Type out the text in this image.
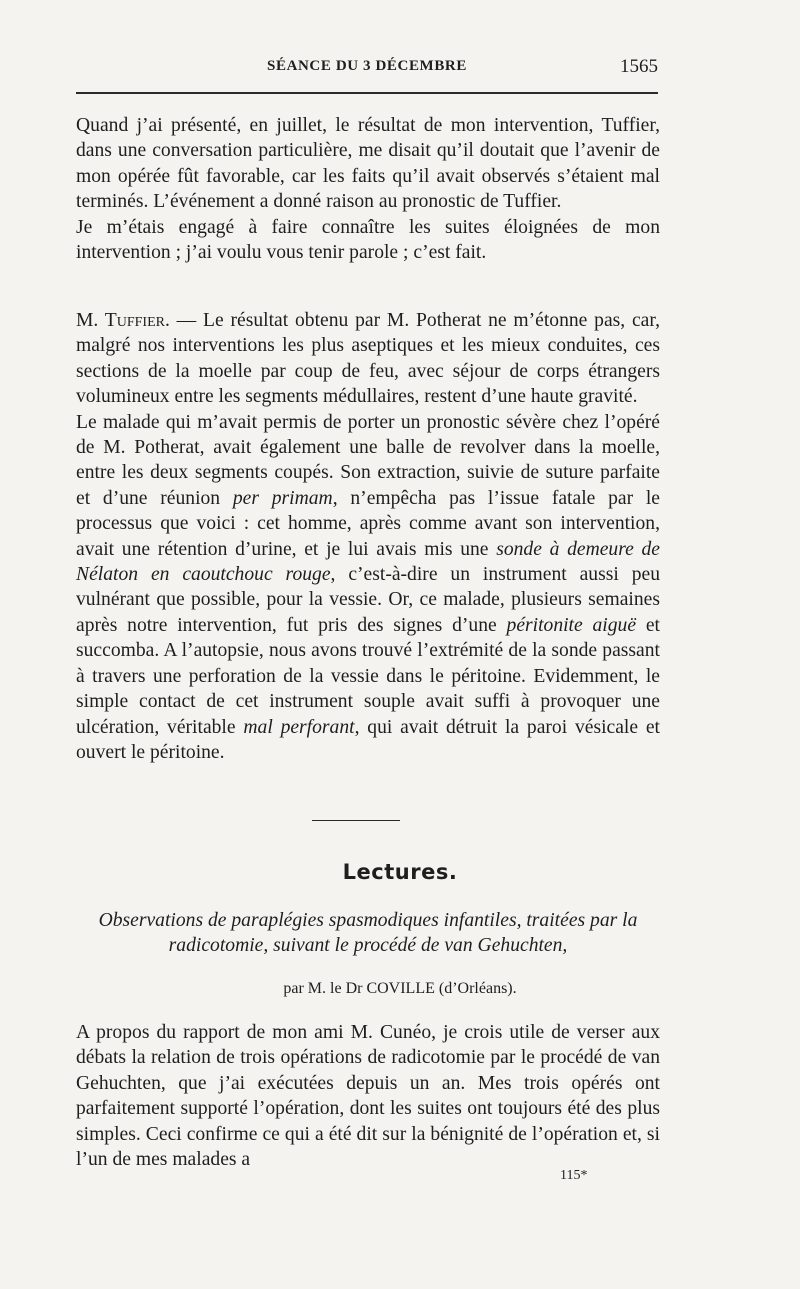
SÉANCE DU 3 DÉCEMBRE	1565

Quand j’ai présenté, en juillet, le résultat de mon intervention, Tuffier, dans une conversation particulière, me disait qu’il doutait que l’avenir de mon opérée fût favorable, car les faits qu’il avait observés s’étaient mal terminés. L’événement a donné raison au pronostic de Tuffier.

Je m’étais engagé à faire connaître les suites éloignées de mon intervention ; j’ai voulu vous tenir parole ; c’est fait.

M. Tuffier. — Le résultat obtenu par M. Potherat ne m’étonne pas, car, malgré nos interventions les plus aseptiques et les mieux conduites, ces sections de la moelle par coup de feu, avec séjour de corps étrangers volumineux entre les segments médullaires, restent d’une haute gravité.

Le malade qui m’avait permis de porter un pronostic sévère chez l’opéré de M. Potherat, avait également une balle de revolver dans la moelle, entre les deux segments coupés. Son extraction, suivie de suture parfaite et d’une réunion per primam, n’empêcha pas l’issue fatale par le processus que voici : cet homme, après comme avant son intervention, avait une rétention d’urine, et je lui avais mis une sonde à demeure de Nélaton en caoutchouc rouge, c’est-à-dire un instrument aussi peu vulnérant que possible, pour la vessie. Or, ce malade, plusieurs semaines après notre intervention, fut pris des signes d’une péritonite aiguë et succomba. A l’autopsie, nous avons trouvé l’extrémité de la sonde passant à travers une perforation de la vessie dans le péritoine. Evidemment, le simple contact de cet instrument souple avait suffi à provoquer une ulcération, véritable mal perforant, qui avait détruit la paroi vésicale et ouvert le péritoine.

Lectures.
Observations de paraplégies spasmodiques infantiles, traitées par la radicotomie, suivant le procédé de van Gehuchten,
par M. le Dr COVILLE (d’Orléans).

A propos du rapport de mon ami M. Cunéo, je crois utile de verser aux débats la relation de trois opérations de radicotomie par le procédé de van Gehuchten, que j’ai exécutées depuis un an. Mes trois opérés ont parfaitement supporté l’opération, dont les suites ont toujours été des plus simples. Ceci confirme ce qui a été dit sur la bénignité de l’opération et, si l’un de mes malades a

115*
